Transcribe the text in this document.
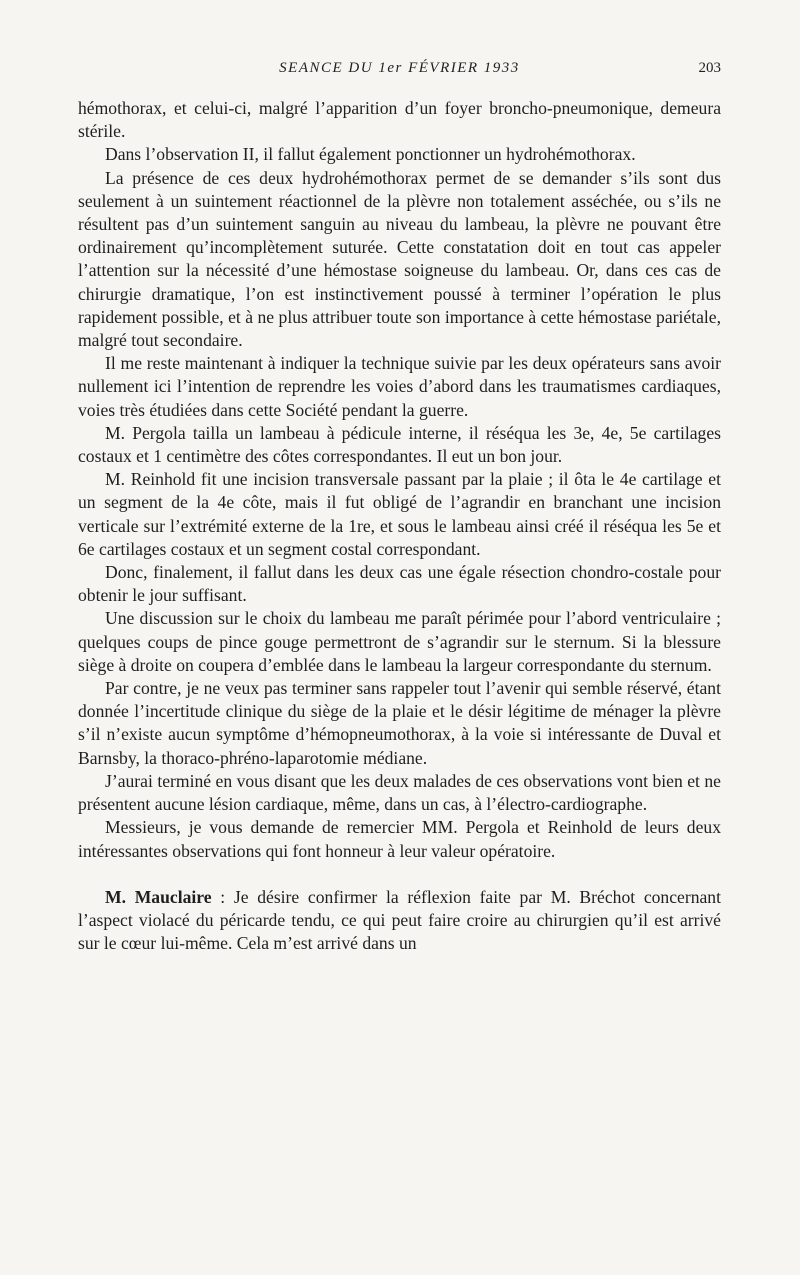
SEANCE DU 1er FÉVRIER 1933	203

hémothorax, et celui-ci, malgré l’apparition d’un foyer broncho-pneumonique, demeura stérile.

Dans l’observation II, il fallut également ponctionner un hydrohémothorax.

La présence de ces deux hydrohémothorax permet de se demander s’ils sont dus seulement à un suintement réactionnel de la plèvre non totalement asséchée, ou s’ils ne résultent pas d’un suintement sanguin au niveau du lambeau, la plèvre ne pouvant être ordinairement qu’incomplètement suturée. Cette constatation doit en tout cas appeler l’attention sur la nécessité d’une hémostase soigneuse du lambeau. Or, dans ces cas de chirurgie dramatique, l’on est instinctivement poussé à terminer l’opération le plus rapidement possible, et à ne plus attribuer toute son importance à cette hémostase pariétale, malgré tout secondaire.

Il me reste maintenant à indiquer la technique suivie par les deux opérateurs sans avoir nullement ici l’intention de reprendre les voies d’abord dans les traumatismes cardiaques, voies très étudiées dans cette Société pendant la guerre.

M. Pergola tailla un lambeau à pédicule interne, il réséqua les 3e, 4e, 5e cartilages costaux et 1 centimètre des côtes correspondantes. Il eut un bon jour.

M. Reinhold fit une incision transversale passant par la plaie ; il ôta le 4e cartilage et un segment de la 4e côte, mais il fut obligé de l’agrandir en branchant une incision verticale sur l’extrémité externe de la 1re, et sous le lambeau ainsi créé il réséqua les 5e et 6e cartilages costaux et un segment costal correspondant.

Donc, finalement, il fallut dans les deux cas une égale résection chondro-costale pour obtenir le jour suffisant.

Une discussion sur le choix du lambeau me paraît périmée pour l’abord ventriculaire ; quelques coups de pince gouge permettront de s’agrandir sur le sternum. Si la blessure siège à droite on coupera d’emblée dans le lambeau la largeur correspondante du sternum.

Par contre, je ne veux pas terminer sans rappeler tout l’avenir qui semble réservé, étant donnée l’incertitude clinique du siège de la plaie et le désir légitime de ménager la plèvre s’il n’existe aucun symptôme d’hémopneumothorax, à la voie si intéressante de Duval et Barnsby, la thoraco-phréno-laparotomie médiane.

J’aurai terminé en vous disant que les deux malades de ces observations vont bien et ne présentent aucune lésion cardiaque, même, dans un cas, à l’électro-cardiographe.

Messieurs, je vous demande de remercier MM. Pergola et Reinhold de leurs deux intéressantes observations qui font honneur à leur valeur opératoire.

M. Mauclaire : Je désire confirmer la réflexion faite par M. Bréchot concernant l’aspect violacé du péricarde tendu, ce qui peut faire croire au chirurgien qu’il est arrivé sur le cœur lui-même. Cela m’est arrivé dans un
